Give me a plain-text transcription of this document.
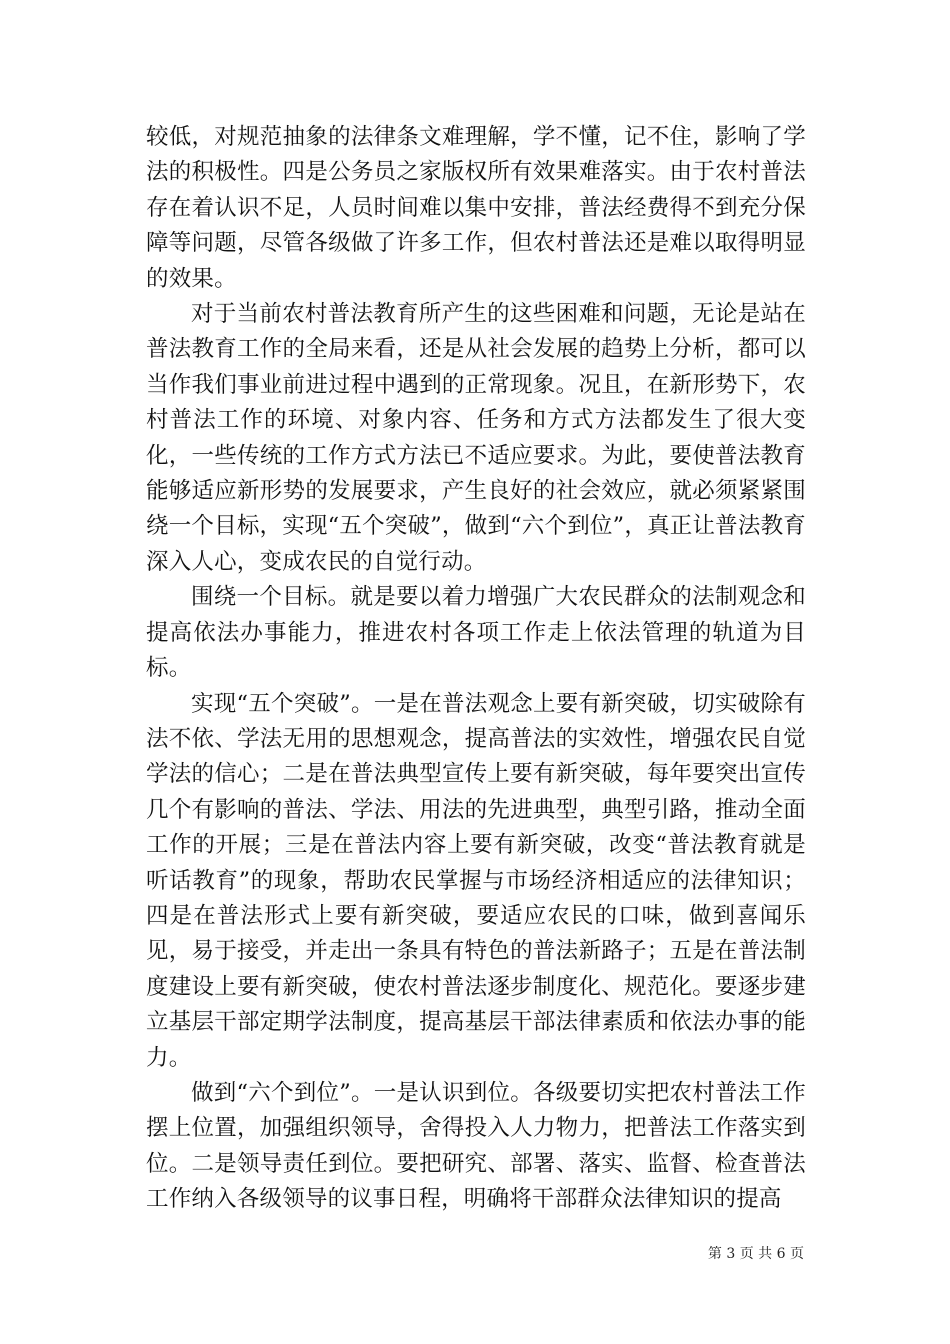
较低，对规范抽象的法律条文难理解，学不懂，记不住，影响了学法的积极性。四是公务员之家版权所有效果难落实。由于农村普法存在着认识不足，人员时间难以集中安排，普法经费得不到充分保障等问题，尽管各级做了许多工作，但农村普法还是难以取得明显的效果。

对于当前农村普法教育所产生的这些困难和问题，无论是站在普法教育工作的全局来看，还是从社会发展的趋势上分析，都可以当作我们事业前进过程中遇到的正常现象。况且，在新形势下，农村普法工作的环境、对象内容、任务和方式方法都发生了很大变化，一些传统的工作方式方法已不适应要求。为此，要使普法教育能够适应新形势的发展要求，产生良好的社会效应，就必须紧紧围绕一个目标，实现“五个突破”，做到“六个到位”，真正让普法教育深入人心，变成农民的自觉行动。

围绕一个目标。就是要以着力增强广大农民群众的法制观念和提高依法办事能力，推进农村各项工作走上依法管理的轨道为目标。

实现“五个突破”。一是在普法观念上要有新突破，切实破除有法不依、学法无用的思想观念，提高普法的实效性，增强农民自觉学法的信心；二是在普法典型宣传上要有新突破，每年要突出宣传几个有影响的普法、学法、用法的先进典型，典型引路，推动全面工作的开展；三是在普法内容上要有新突破，改变“普法教育就是听话教育”的现象，帮助农民掌握与市场经济相适应的法律知识；四是在普法形式上要有新突破，要适应农民的口味，做到喜闻乐见，易于接受，并走出一条具有特色的普法新路子；五是在普法制度建设上要有新突破，使农村普法逐步制度化、规范化。要逐步建立基层干部定期学法制度，提高基层干部法律素质和依法办事的能力。

做到“六个到位”。一是认识到位。各级要切实把农村普法工作摆上位置，加强组织领导，舍得投入人力物力，把普法工作落实到位。二是领导责任到位。要把研究、部署、落实、监督、检查普法工作纳入各级领导的议事日程，明确将干部群众法律知识的提高

第 3 页 共 6 页
